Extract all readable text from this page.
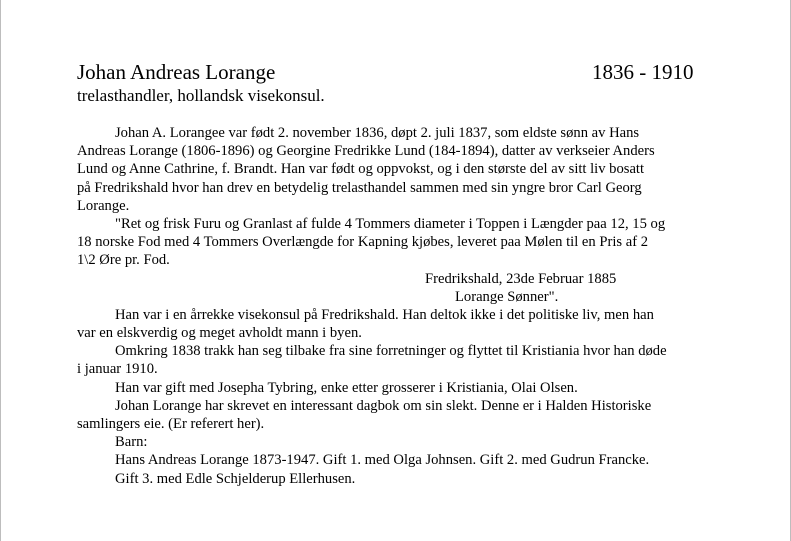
Johan Andreas Lorange	1836 - 1910
trelasthandler, hollandsk visekonsul.
Johan A. Lorangee var født 2. november 1836, døpt 2. juli 1837, som eldste sønn av Hans
Andreas Lorange (1806-1896) og Georgine Fredrikke Lund (184-1894), datter av verkseier Anders
Lund og Anne Cathrine, f. Brandt. Han var født og oppvokst, og i den største del av sitt liv bosatt
på Fredrikshald hvor han drev en betydelig trelasthandel sammen med sin yngre bror Carl Georg
Lorange.
"Ret og frisk Furu og Granlast af fulde 4 Tommers diameter i Toppen i Længder paa 12, 15 og
18 norske Fod med 4 Tommers Overlængde for Kapning kjøbes, leveret paa Mølen til en Pris af 2
1\2 Øre pr. Fod.
Fredrikshald, 23de Februar 1885
Lorange Sønner".
Han var i en årrekke visekonsul på Fredrikshald. Han deltok ikke i det politiske liv, men han
var en elskverdig og meget avholdt mann i byen.
Omkring 1838 trakk han seg tilbake fra sine forretninger og flyttet til Kristiania hvor han døde
i januar 1910.
Han var gift med Josepha Tybring, enke etter grosserer i Kristiania, Olai Olsen.
Johan Lorange har skrevet en interessant dagbok om sin slekt. Denne er i Halden Historiske
samlingers eie. (Er referert her).
Barn:
Hans Andreas Lorange 1873-1947. Gift 1. med Olga Johnsen. Gift 2. med Gudrun Francke.
Gift 3. med Edle Schjelderup Ellerhusen.
